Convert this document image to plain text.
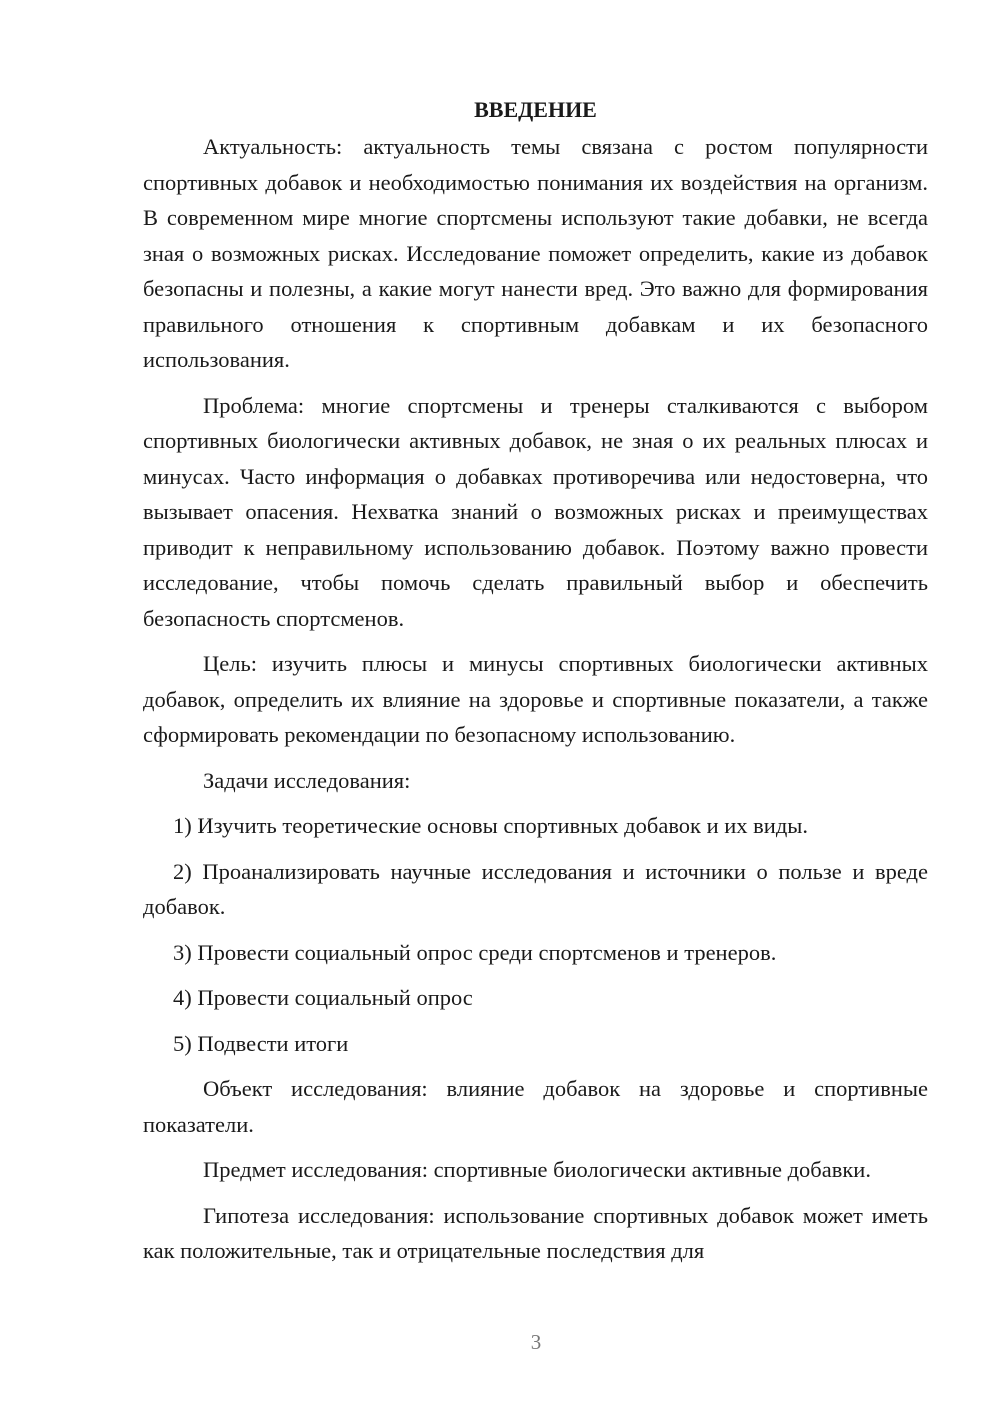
ВВЕДЕНИЕ

Актуальность: актуальность темы связана с ростом популярности спортивных добавок и необходимостью понимания их воздействия на организм. В современном мире многие спортсмены используют такие добавки, не всегда зная о возможных рисках. Исследование поможет определить, какие из добавок безопасны и полезны, а какие могут нанести вред. Это важно для формирования правильного отношения к спортивным добавкам и их безопасного использования.

Проблема: многие спортсмены и тренеры сталкиваются с выбором спортивных биологически активных добавок, не зная о их реальных плюсах и минусах. Часто информация о добавках противоречива или недостоверна, что вызывает опасения. Нехватка знаний о возможных рисках и преимуществах приводит к неправильному использованию добавок. Поэтому важно провести исследование, чтобы помочь сделать правильный выбор и обеспечить безопасность спортсменов.

Цель: изучить плюсы и минусы спортивных биологически активных добавок, определить их влияние на здоровье и спортивные показатели, а также сформировать рекомендации по безопасному использованию.

Задачи исследования:

1) Изучить теоретические основы спортивных добавок и их виды.

2) Проанализировать научные исследования и источники о пользе и вреде добавок.

3) Провести социальный опрос среди спортсменов и тренеров.

4) Провести социальный опрос

5) Подвести итоги

Объект исследования: влияние добавок на здоровье и спортивные показатели.

Предмет исследования: спортивные биологически активные добавки.

Гипотеза исследования: использование спортивных добавок может иметь как положительные, так и отрицательные последствия для

3
